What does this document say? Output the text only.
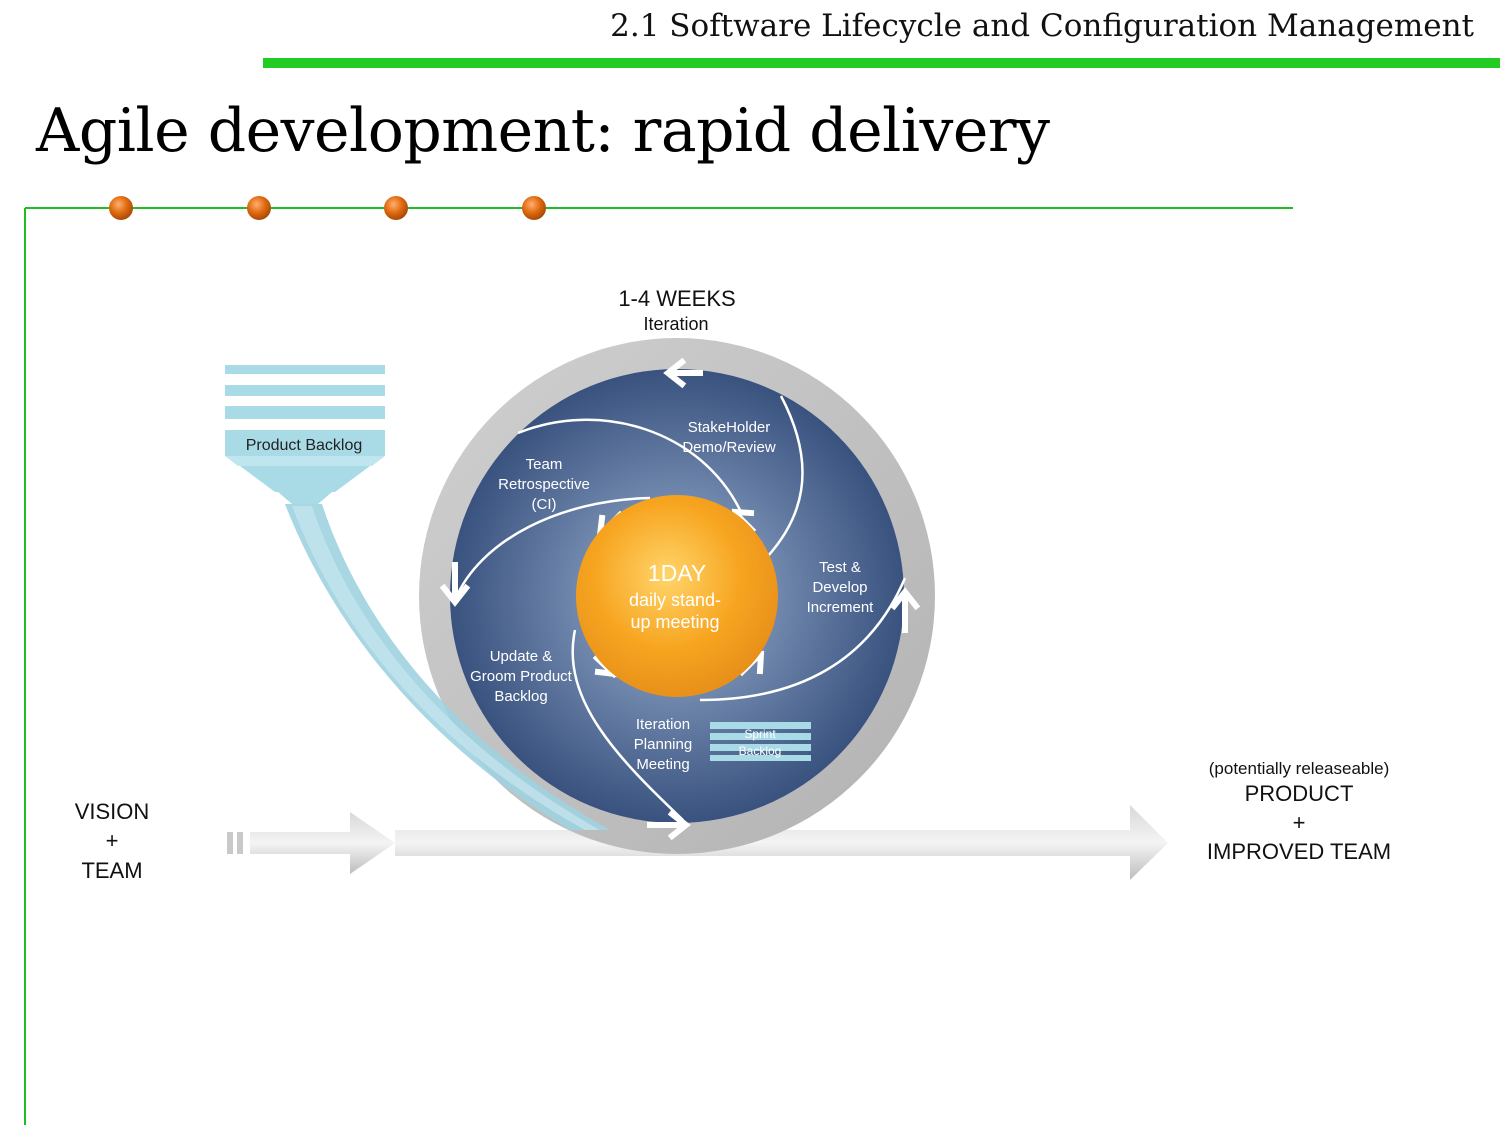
2.1 Software Lifecycle and Configuration Management
Agile development: rapid delivery
1-4 WEEKS
Iteration
Product Backlog
1DAY
daily stand-
up meeting
StakeHolder
Demo/Review
Team
Retrospective
(CI)
Test &
Develop
Increment
Update &
Groom Product
Backlog
Iteration
Planning
Meeting
Sprint
Backlog
VISION
+
TEAM
(potentially releaseable)
PRODUCT
+
IMPROVED TEAM
